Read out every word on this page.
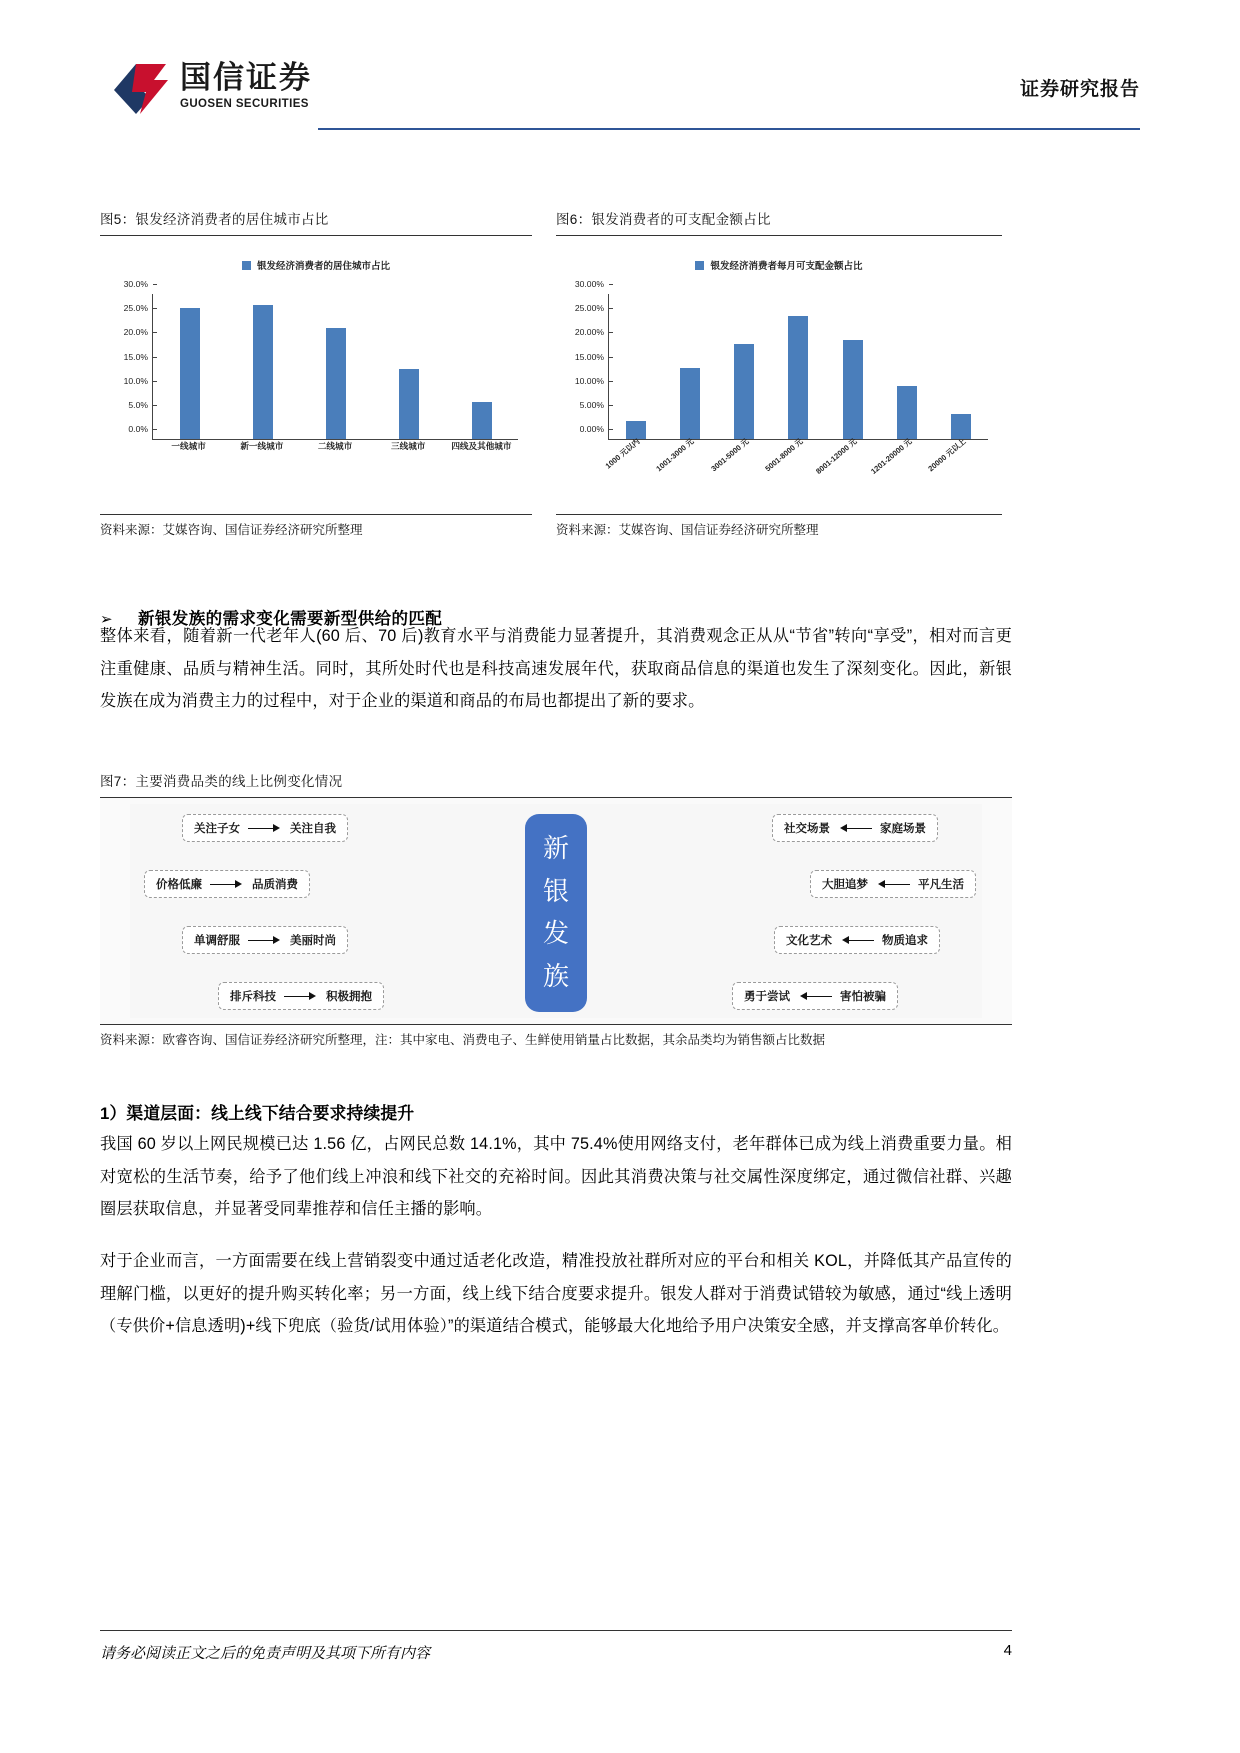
国信证券
GUOSEN SECURITIES
证券研究报告
图5：银发经济消费者的居住城市占比
银发经济消费者的居住城市占比
0.0%
5.0%
10.0%
15.0%
20.0%
25.0%
30.0%
一线城市	新一线城市	二线城市	三线城市	四线及其他城市
资料来源：艾媒咨询、国信证券经济研究所整理
图6：银发消费者的可支配金额占比
银发经济消费者每月可支配金额占比
0.00%
5.00%
10.00%
15.00%
20.00%
25.00%
30.00%
1000 元以内 1001-3000 元 3001-5000 元 5001-8000 元 8001-12000 元 1201-20000 元 20000 元以上
资料来源：艾媒咨询、国信证券经济研究所整理
➢ 新银发族的需求变化需要新型供给的匹配
整体来看，随着新一代老年人(60 后、70 后)教育水平与消费能力显著提升，其消费观念正从从“节省”转向“享受”，相对而言更注重健康、品质与精神生活。同时，其所处时代也是科技高速发展年代，获取商品信息的渠道也发生了深刻变化。因此，新银发族在成为消费主力的过程中，对于企业的渠道和商品的布局也都提出了新的要求。
图7：主要消费品类的线上比例变化情况
新
银
发
族
关注子女	关注自我	社交场景	家庭场景
价格低廉	品质消费	大胆追梦	平凡生活
单调舒服	美丽时尚	文化艺术	物质追求
排斥科技	积极拥抱	勇于尝试	害怕被骗
资料来源：欧睿咨询、国信证券经济研究所整理，注：其中家电、消费电子、生鲜使用销量占比数据，其余品类均为销售额占比数据
1）渠道层面：线上线下结合要求持续提升
我国 60 岁以上网民规模已达 1.56 亿，占网民总数 14.1%，其中 75.4%使用网络支付，老年群体已成为线上消费重要力量。相对宽松的生活节奏，给予了他们线上冲浪和线下社交的充裕时间。因此其消费决策与社交属性深度绑定，通过微信社群、兴趣圈层获取信息，并显著受同辈推荐和信任主播的影响。
对于企业而言，一方面需要在线上营销裂变中通过适老化改造，精准投放社群所对应的平台和相关 KOL，并降低其产品宣传的理解门槛，以更好的提升购买转化率；另一方面，线上线下结合度要求提升。银发人群对于消费试错较为敏感，通过“线上透明（专供价+信息透明)+线下兜底（验货/试用体验）”的渠道结合模式，能够最大化地给予用户决策安全感，并支撑高客单价转化。
请务必阅读正文之后的免责声明及其项下所有内容	4
